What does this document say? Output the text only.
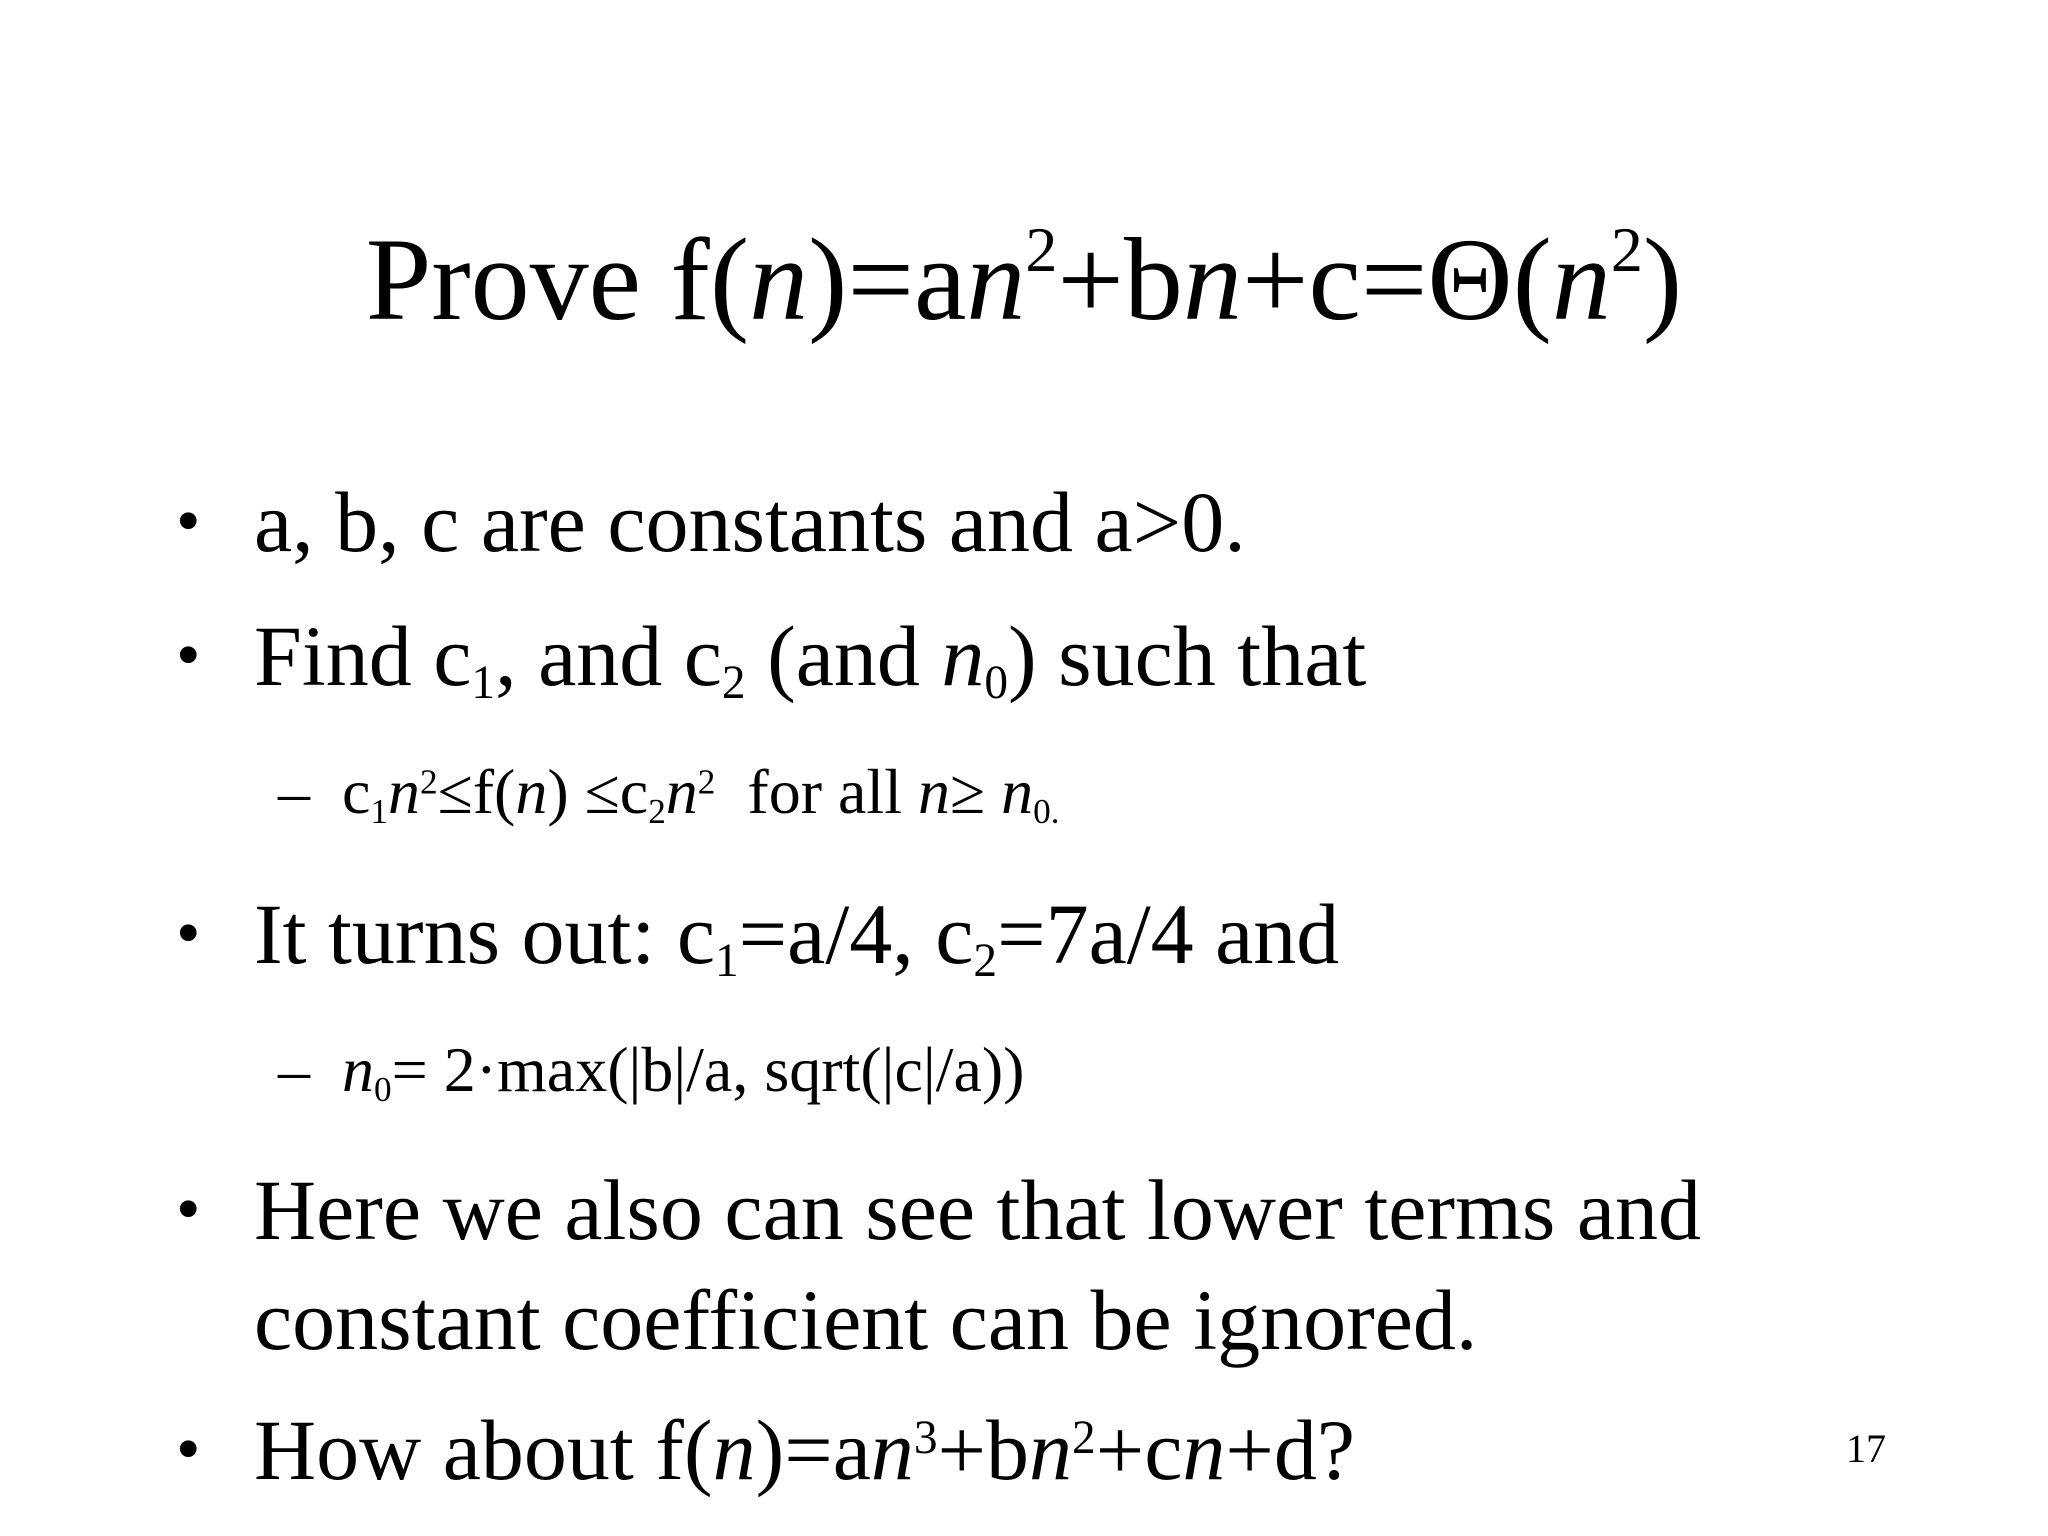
Prove $f(n)=an^2+bn+c=\Theta(n^2)$
• a, b, c are constants and a>0.
• Find $c_1$, and $c_2$ (and $n_0$) such that
– $c_1n^2\le f(n) \le c_2n^2$  for all $n\ge n_{0.}$
• It turns out: $c_1=a/4$, $c_2=7a/4$ and
– $n_0= 2\cdot\max(|b|/a$, sqrt(|c|/a))
• Here we also can see that lower terms and
constant coefficient can be ignored.
• How about $f(n)=an^3+bn^2+cn+d$?	17
